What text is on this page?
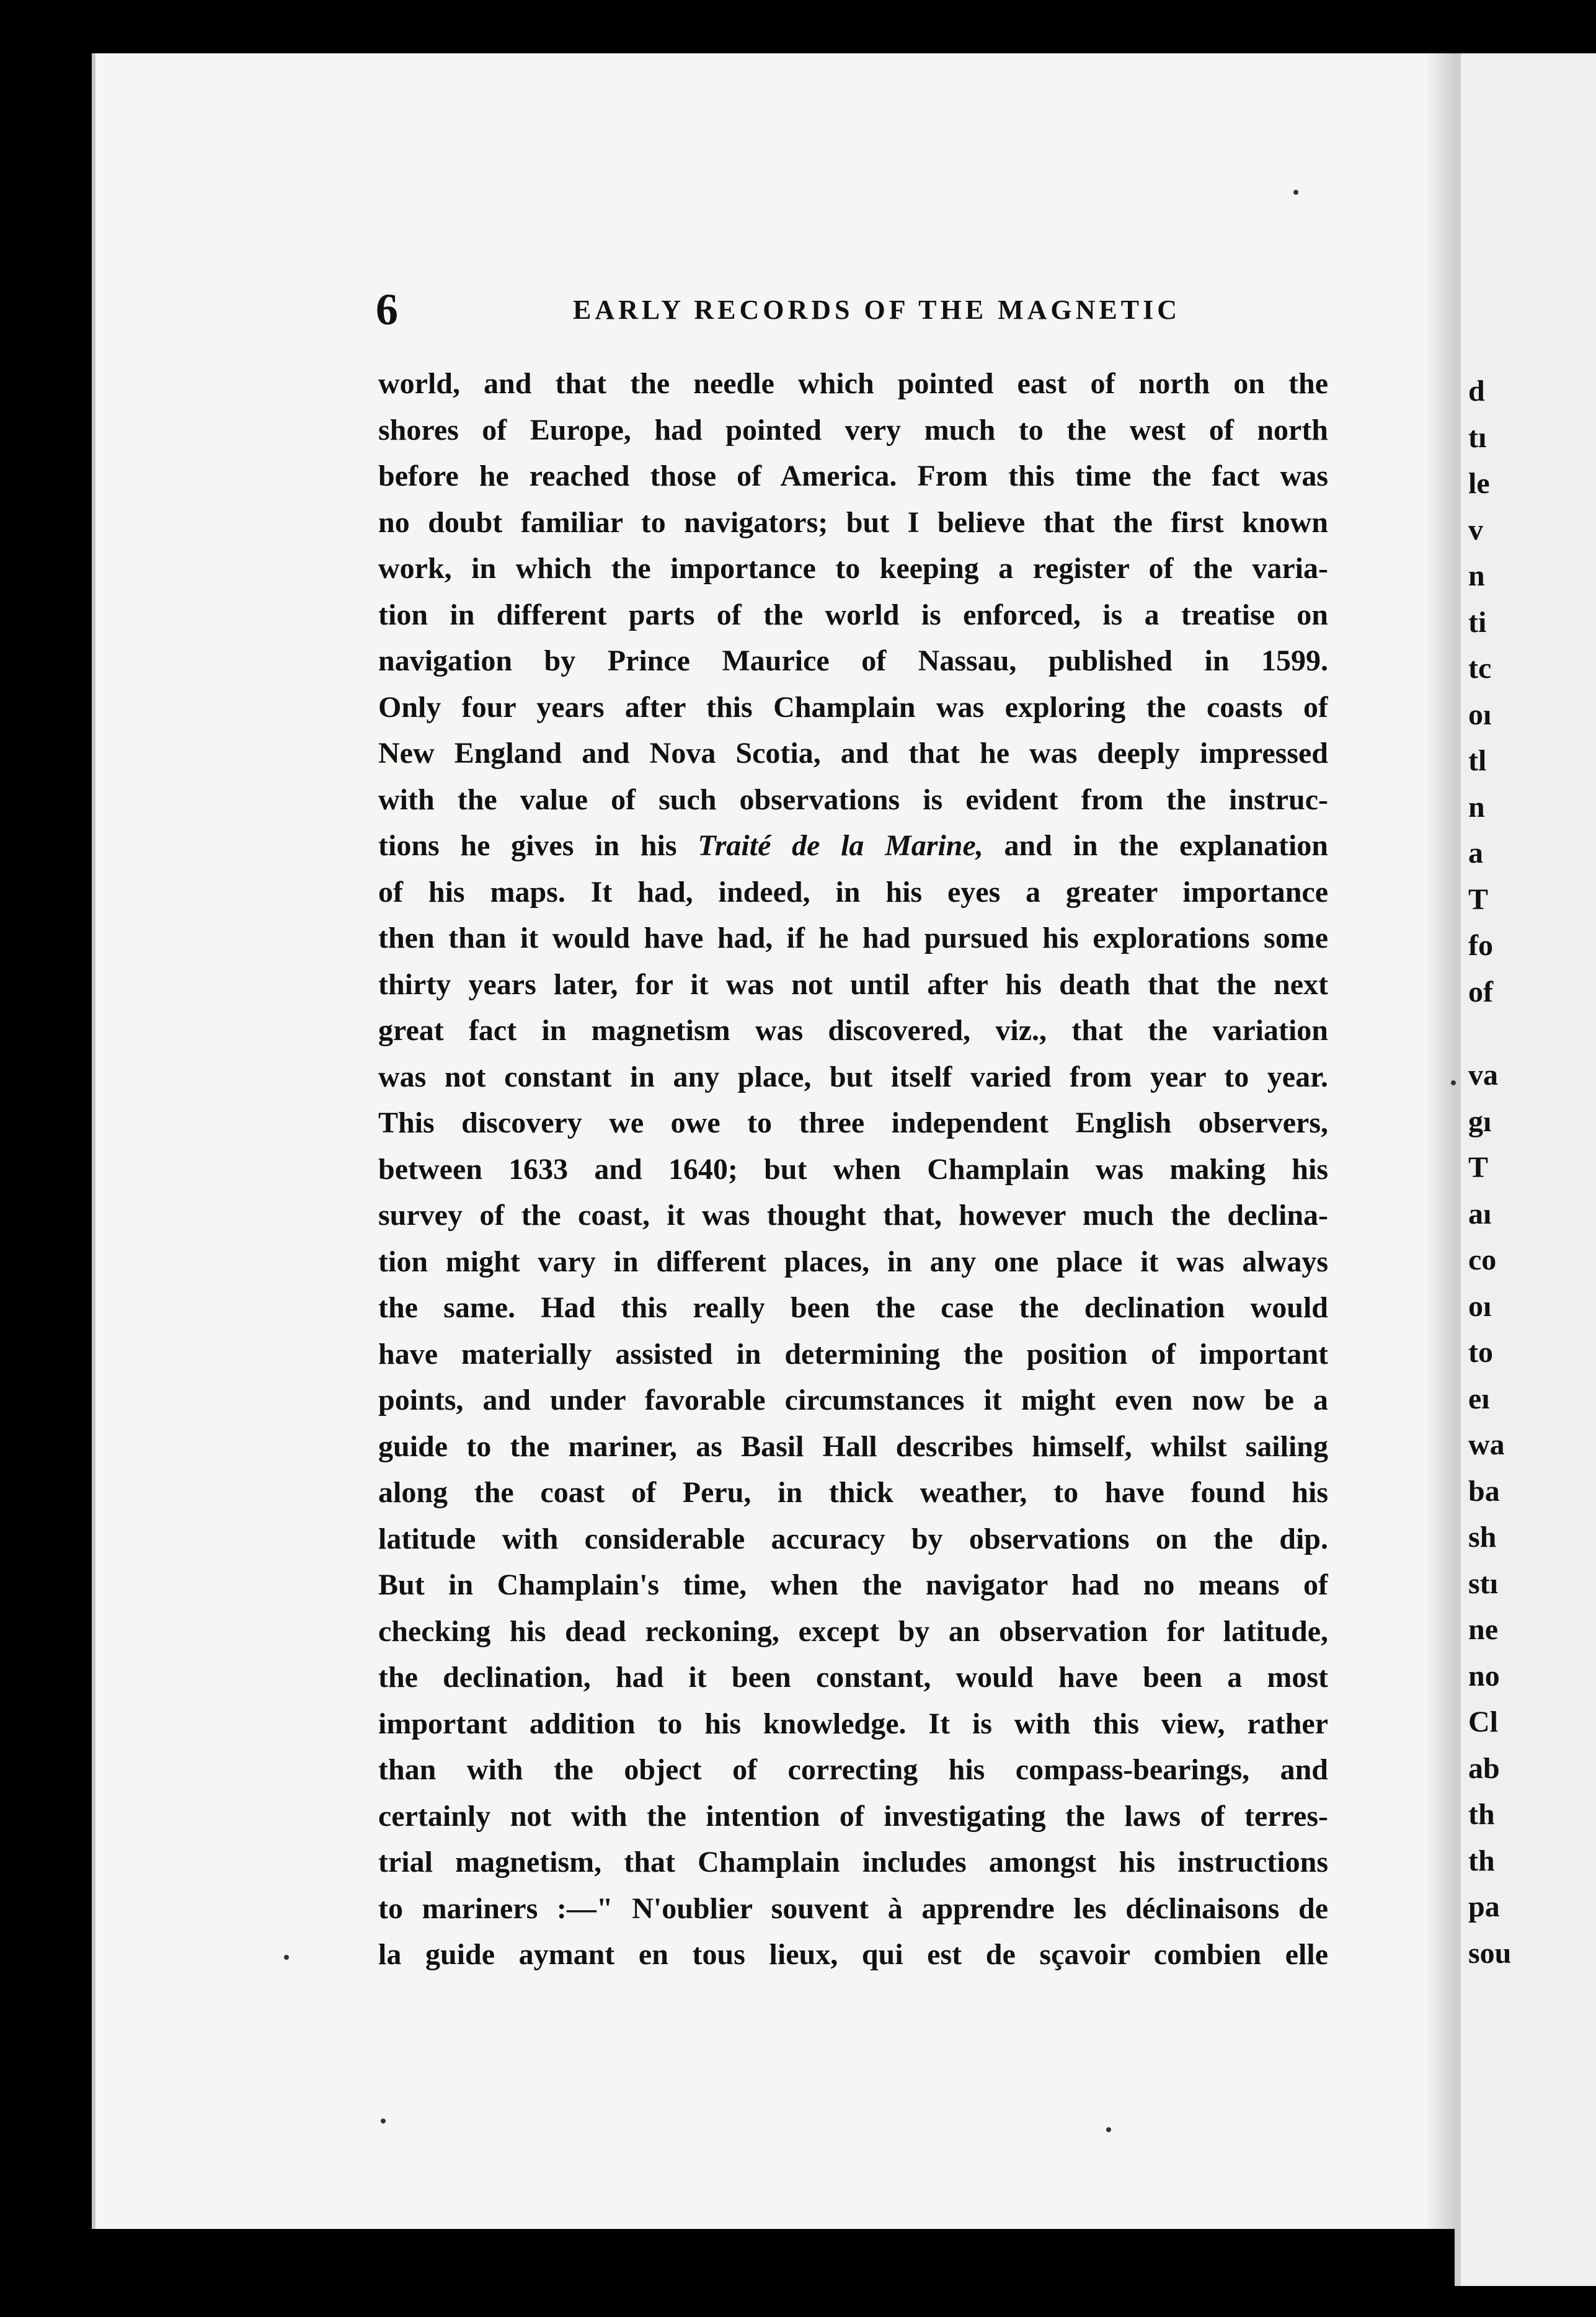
6	EARLY RECORDS OF THE MAGNETIC
world, and that the needle which pointed east of north on the
shores of Europe, had pointed very much to the west of north
before he reached those of America. From this time the fact was
no doubt familiar to navigators; but I believe that the first known
work, in which the importance to keeping a register of the varia-
tion in different parts of the world is enforced, is a treatise on
navigation by Prince Maurice of Nassau, published in 1599.
Only four years after this Champlain was exploring the coasts of
New England and Nova Scotia, and that he was deeply impressed
with the value of such observations is evident from the instruc-
tions he gives in his Traité de la Marine, and in the explanation
of his maps. It had, indeed, in his eyes a greater importance
then than it would have had, if he had pursued his explorations some
thirty years later, for it was not until after his death that the next
great fact in magnetism was discovered, viz., that the variation
was not constant in any place, but itself varied from year to year.
This discovery we owe to three independent English observers,
between 1633 and 1640; but when Champlain was making his
survey of the coast, it was thought that, however much the declina-
tion might vary in different places, in any one place it was always
the same. Had this really been the case the declination would
have materially assisted in determining the position of important
points, and under favorable circumstances it might even now be a
guide to the mariner, as Basil Hall describes himself, whilst sailing
along the coast of Peru, in thick weather, to have found his
latitude with considerable accuracy by observations on the dip.
But in Champlain's time, when the navigator had no means of
checking his dead reckoning, except by an observation for latitude,
the declination, had it been constant, would have been a most
important addition to his knowledge. It is with this view, rather
than with the object of correcting his compass-bearings, and
certainly not with the intention of investigating the laws of terres-
trial magnetism, that Champlain includes amongst his instructions
to mariners :—" N'oublier souvent à apprendre les déclinaisons de
la guide aymant en tous lieux, qui est de sçavoir combien elle
d
tı
le
v
n
ti
tc
oı
tl
n
a
T
fo
of
va
gı
T
aı
co
oı
to
eı
wa
ba
sh
stı
ne
no
Cl
ab
th
th
pa
sou
